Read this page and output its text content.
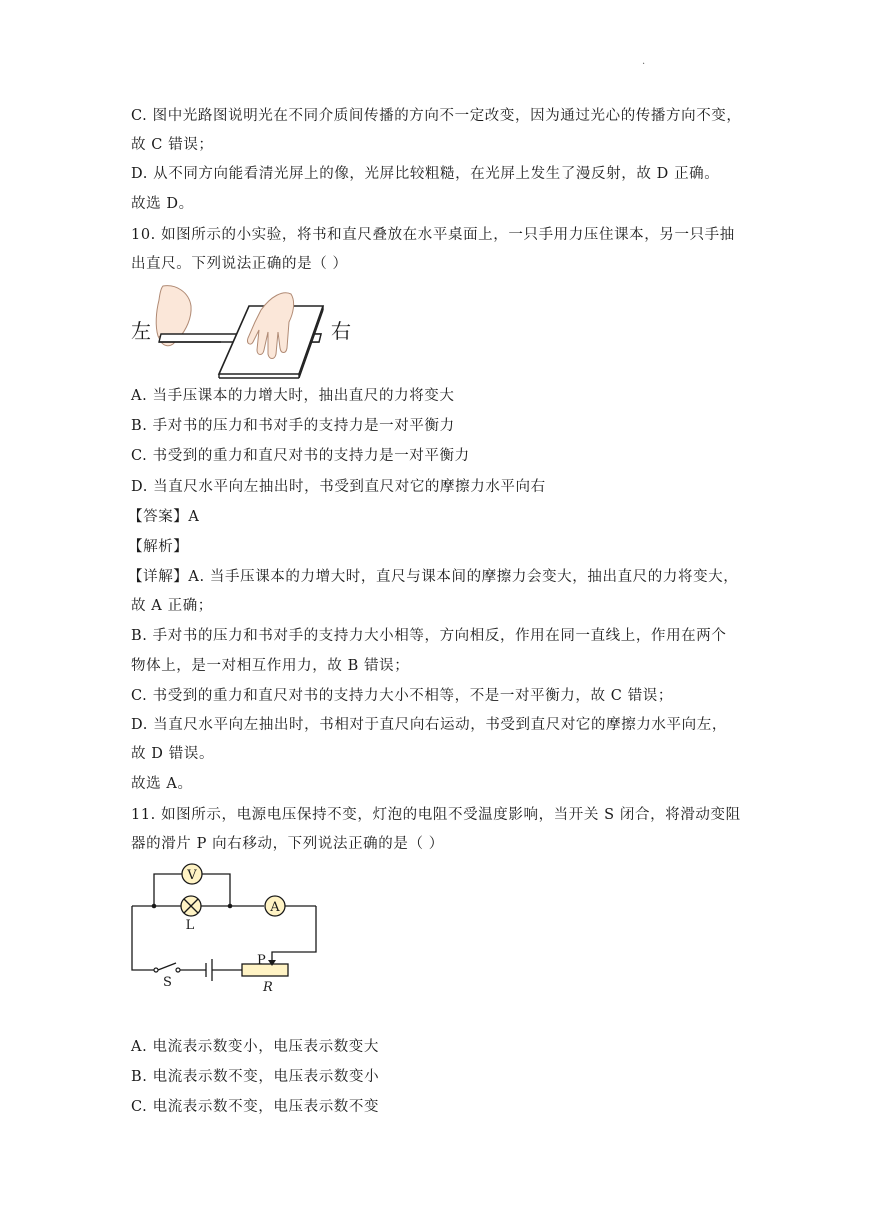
.
C. 图中光路图说明光在不同介质间传播的方向不一定改变，因为通过光心的传播方向不变，
故 C 错误；
D. 从不同方向能看清光屏上的像，光屏比较粗糙，在光屏上发生了漫反射，故 D 正确。
故选 D。
10. 如图所示的小实验，将书和直尺叠放在水平桌面上，一只手用力压住课本，另一只手抽
出直尺。下列说法正确的是（ ）
左	右
A. 当手压课本的力增大时，抽出直尺的力将变大
B. 手对书的压力和书对手的支持力是一对平衡力
C. 书受到的重力和直尺对书的支持力是一对平衡力
D. 当直尺水平向左抽出时，书受到直尺对它的摩擦力水平向右
【答案】A
【解析】
【详解】A. 当手压课本的力增大时，直尺与课本间的摩擦力会变大，抽出直尺的力将变大，
故 A 正确；
B. 手对书的压力和书对手的支持力大小相等，方向相反，作用在同一直线上，作用在两个
物体上，是一对相互作用力，故 B 错误；
C. 书受到的重力和直尺对书的支持力大小不相等，不是一对平衡力，故 C 错误；
D. 当直尺水平向左抽出时，书相对于直尺向右运动，书受到直尺对它的摩擦力水平向左，
故 D 错误。
故选 A。
11. 如图所示，电源电压保持不变，灯泡的电阻不受温度影响，当开关 S 闭合，将滑动变阻
器的滑片 P 向右移动，下列说法正确的是（ ）
V
L
A
P
S	R
A. 电流表示数变小，电压表示数变大
B. 电流表示数不变，电压表示数变小
C. 电流表示数不变，电压表示数不变
